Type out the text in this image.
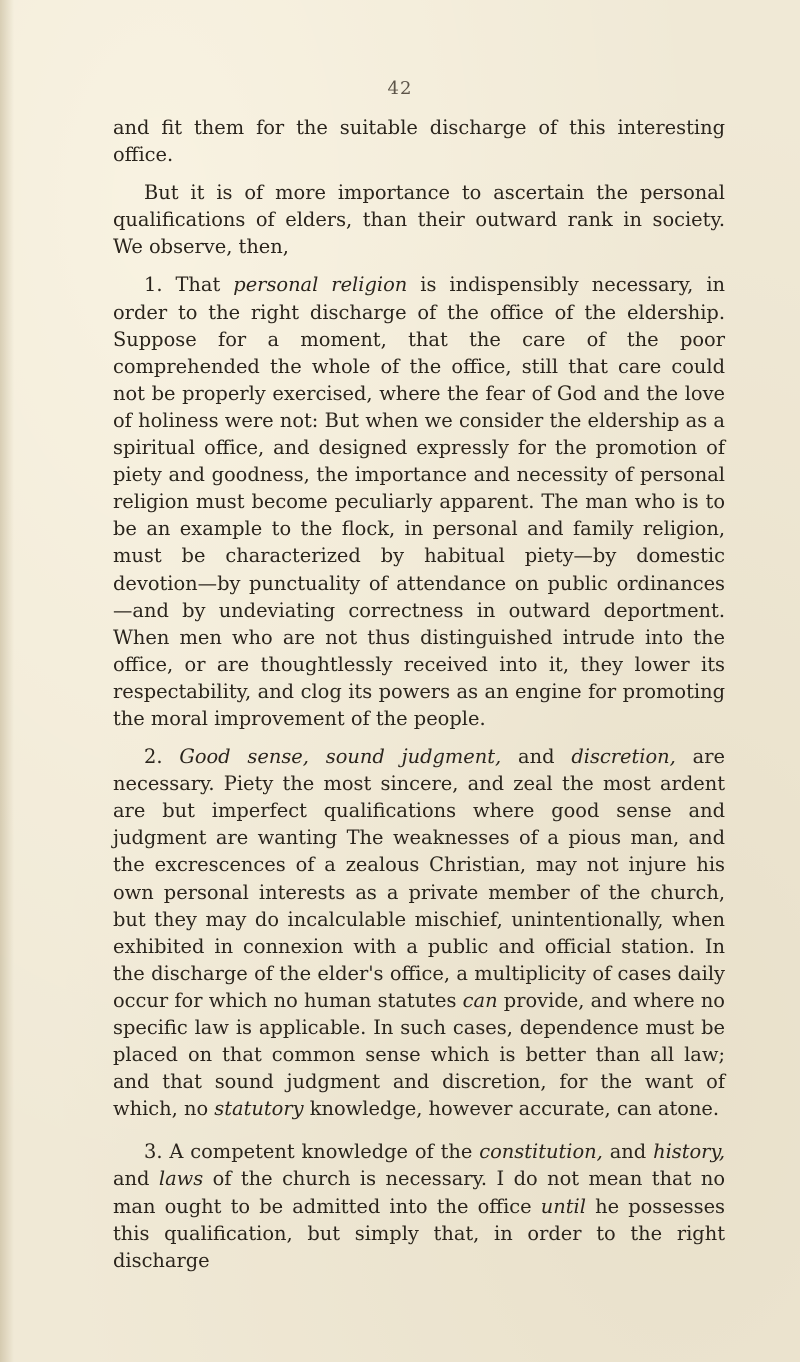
42

and fit them for the suitable discharge of this interesting office.

But it is of more importance to ascertain the personal qualifications of elders, than their outward rank in society. We observe, then,

1. That personal religion is indispensibly necessary, in order to the right discharge of the office of the eldership. Suppose for a moment, that the care of the poor comprehended the whole of the office, still that care could not be properly exercised, where the fear of God and the love of holiness were not: But when we consider the eldership as a spiritual office, and designed expressly for the promotion of piety and goodness, the importance and necessity of personal religion must become peculiarly apparent. The man who is to be an example to the flock, in personal and family religion, must be characterized by habitual piety—by domestic devotion—by punctuality of attendance on public ordinances—and by undeviating correctness in outward deportment. When men who are not thus distinguished intrude into the office, or are thoughtlessly received into it, they lower its respectability, and clog its powers as an engine for promoting the moral improvement of the people.

2. Good sense, sound judgment, and discretion, are necessary. Piety the most sincere, and zeal the most ardent are but imperfect qualifications where good sense and judgment are wanting The weaknesses of a pious man, and the excrescences of a zealous Christian, may not injure his own personal interests as a private member of the church, but they may do incalculable mischief, unintentionally, when exhibited in connexion with a public and official station. In the discharge of the elder's office, a multiplicity of cases daily occur for which no human statutes can provide, and where no specific law is applicable. In such cases, dependence must be placed on that common sense which is better than all law; and that sound judgment and discretion, for the want of which, no statutory knowledge, however accurate, can atone.

3. A competent knowledge of the constitution, and history, and laws of the church is necessary. I do not mean that no man ought to be admitted into the office until he possesses this qualification, but simply that, in order to the right discharge
